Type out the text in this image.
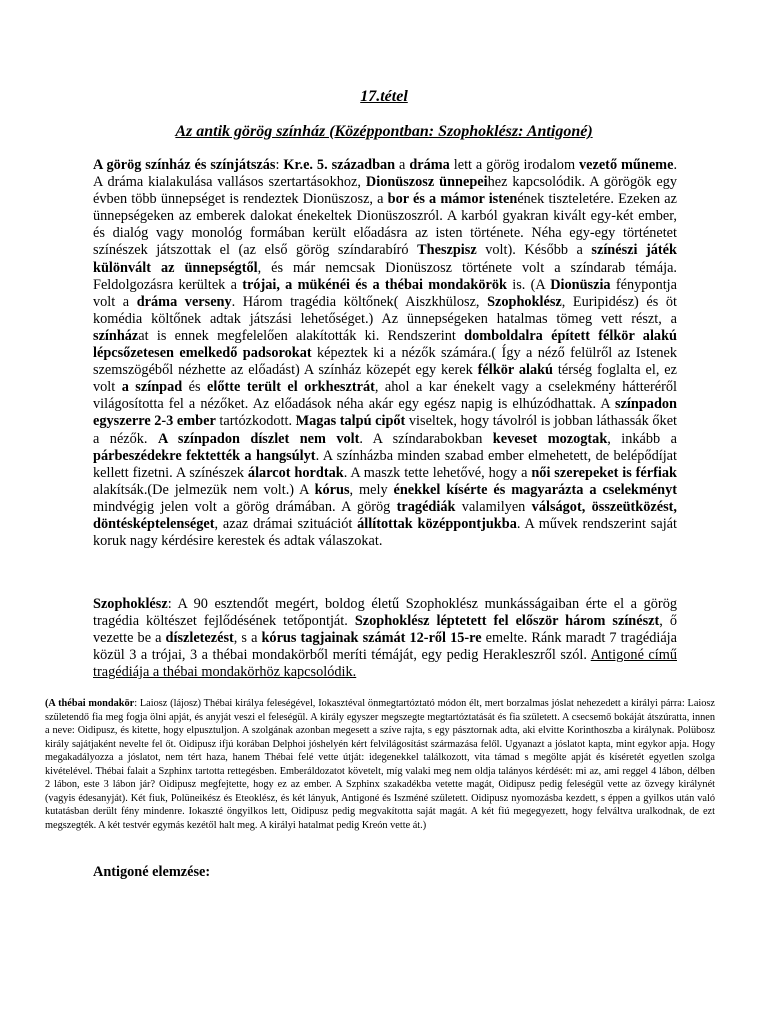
17.tétel
Az antik görög színház (Középpontban: Szophoklész: Antigoné)
A görög színház és színjátszás: Kr.e. 5. században a dráma lett a görög irodalom vezető műneme. A dráma kialakulása vallásos szertartásokhoz, Dionüszosz ünnepeihez kapcsolódik. A görögök egy évben több ünnepséget is rendeztek Dionüszosz, a bor és a mámor istenének tiszteletére. Ezeken az ünnepségeken az emberek dalokat énekeltek Dionüszoszról. A karból gyakran kivált egy-két ember, és dialóg vagy monológ formában került előadásra az isten története. Néha egy-egy történetet színészek játszottak el (az első görög színdarabíró Theszpisz volt). Később a színészi játék különvált az ünnepségtől, és már nemcsak Dionüszosz története volt a színdarab témája. Feldolgozásra kerültek a trójai, a mükénéi és a thébai mondakörök is. (A Dionüszia fénypontja volt a dráma verseny. Három tragédia költőnek( Aiszkhülosz, Szophoklész, Euripidész) és öt komédia költőnek adtak játszási lehetőséget.) Az ünnepségeken hatalmas tömeg vett részt, a színházat is ennek megfelelően alakították ki. Rendszerint domboldalra épített félkör alakú lépcsőzetesen emelkedő padsorokat képeztek ki a nézők számára.( Így a néző felülről az Istenek szemszögéből nézhette az előadást) A színház közepét egy kerek félkör alakú térség foglalta el, ez volt a színpad és előtte terült el orkhesztrát, ahol a kar énekelt vagy a cselekmény hátteréről világosította fel a nézőket. Az előadások néha akár egy egész napig is elhúzódhattak. A színpadon egyszerre 2-3 ember tartózkodott. Magas talpú cipőt viseltek, hogy távolról is jobban láthassák őket a nézők. A színpadon díszlet nem volt. A színdarabokban keveset mozogtak, inkább a párbeszédekre fektették a hangsúlyt. A színházba minden szabad ember elmehetett, de belépődíjat kellett fizetni. A színészek álarcot hordtak. A maszk tette lehetővé, hogy a női szerepeket is férfiak alakítsák.(De jelmezük nem volt.) A kórus, mely énekkel kísérte és magyarázta a cselekményt mindvégig jelen volt a görög drámában. A görög tragédiák valamilyen válságot, összeütközést, döntésképtelenséget, azaz drámai szituációt állítottak középpontjukba. A művek rendszerint saját koruk nagy kérdésire kerestek és adtak válaszokat.
Szophoklész: A 90 esztendőt megért, boldog életű Szophoklész munkásságaiban érte el a görög tragédia költészet fejlődésének tetőpontját. Szophoklész léptetett fel először három színészt, ő vezette be a díszletezést, s a kórus tagjainak számát 12-ről 15-re emelte. Ránk maradt 7 tragédiája közül 3 a trójai, 3 a thébai mondakörből meríti témáját, egy pedig Herakleszről szól. Antigoné című tragédiája a thébai mondakörhöz kapcsolódik.
(A thébai mondakör: Laiosz (lájosz) Thébai királya feleségével, Iokasztéval önmegtartóztató módon élt, mert borzalmas jóslat nehezedett a királyi párra: Laiosz születendő fia meg fogja ölni apját, és anyját veszi el feleségül. A király egyszer megszegte megtartóztatását és fia született. A csecsemő bokáját átszúratta, innen a neve: Oidipusz, és kitette, hogy elpusztuljon. A szolgának azonban megesett a szíve rajta, s egy pásztornak adta, aki elvitte Korinthoszba a királynak. Polübosz király sajátjaként nevelte fel őt. Oidipusz ifjú korában Delphoi jóshelyén kért felvilágosítást származása felől. Ugyanazt a jóslatot kapta, mint egykor apja. Hogy megakadályozza a jóslatot, nem tért haza, hanem Thébai felé vette útját: idegenekkel találkozott, vita támad s megölte apját és kíséretét egyetlen szolga kivételével. Thébai falait a Szphinx tartotta rettegésben. Emberáldozatot követelt, míg valaki meg nem oldja talányos kérdését: mi az, ami reggel 4 lábon, délben 2 lábon, este 3 lábon jár? Oidipusz megfejtette, hogy ez az ember. A Szphinx szakadékba vetette magát, Oidipusz pedig feleségül vette az özvegy királynét (vagyis édesanyját). Két fiuk, Polüneikész és Eteoklész, és két lányuk, Antigoné és Iszméné született. Oidipusz nyomozásba kezdett, s éppen a gyilkos után való kutatásban derült fény mindenre. Iokaszté öngyilkos lett, Oidipusz pedig megvakította saját magát. A két fiú megegyezett, hogy felváltva uralkodnak, de ezt megszegték. A két testvér egymás kezétől halt meg. A királyi hatalmat pedig Kreón vette át.)
Antigoné elemzése:
